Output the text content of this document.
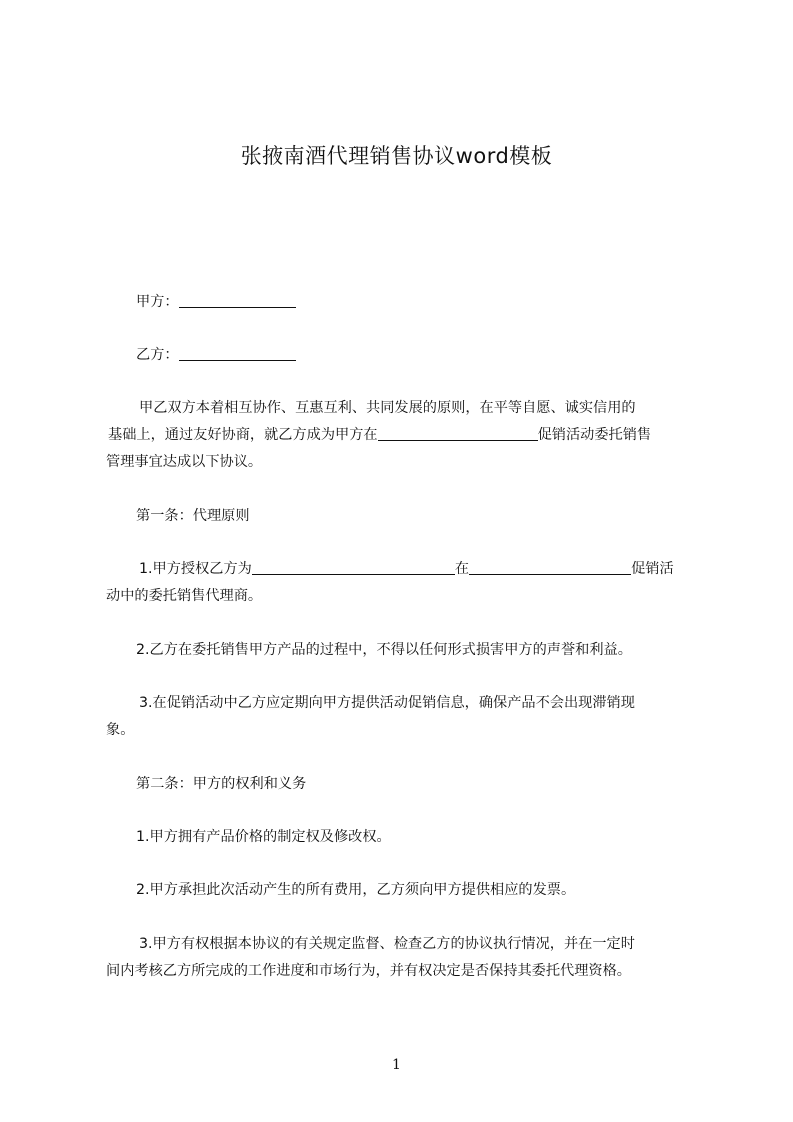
张掖南酒代理销售协议word模板
甲方：
乙方：
甲乙双方本着相互协作、互惠互利、共同发展的原则，在平等自愿、诚实信用的
基础上，通过友好协商，就乙方成为甲方在	促销活动委托销售
管理事宜达成以下协议。
第一条：代理原则
1.甲方授权乙方为	在	促销活
动中的委托销售代理商。
2.乙方在委托销售甲方产品的过程中，不得以任何形式损害甲方的声誉和利益。
3.在促销活动中乙方应定期向甲方提供活动促销信息，确保产品不会出现滞销现
象。
第二条：甲方的权利和义务
1.甲方拥有产品价格的制定权及修改权。
2.甲方承担此次活动产生的所有费用，乙方须向甲方提供相应的发票。
3.甲方有权根据本协议的有关规定监督、检查乙方的协议执行情况，并在一定时
间内考核乙方所完成的工作进度和市场行为，并有权决定是否保持其委托代理资格。
1
